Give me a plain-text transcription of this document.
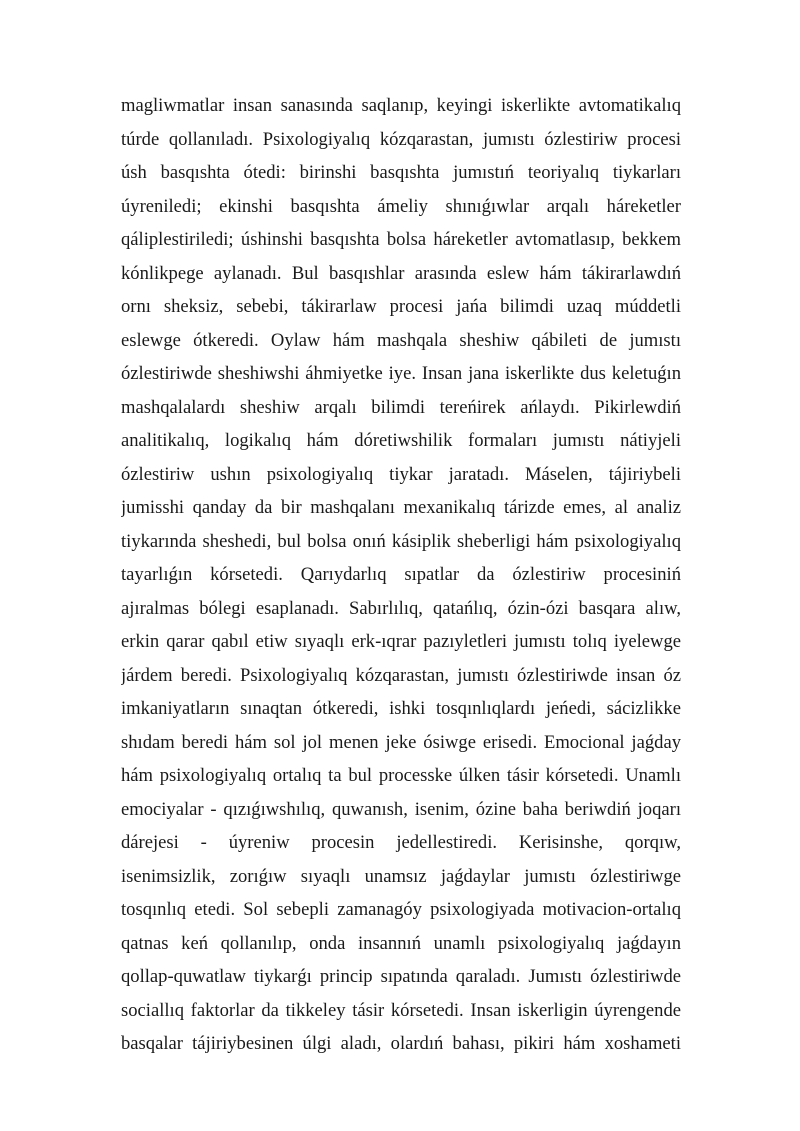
magliwmatlar insan sanasında saqlanıp, keyingi iskerlikte avtomatikalıq
túrde qollanıladı. Psixologiyalıq kózqarastan, jumıstı ózlestiriw procesi
úsh basqıshta ótedi: birinshi basqıshta jumıstıń teoriyalıq tiykarları
úyreniledi; ekinshi basqıshta ámeliy shınıǵıwlar arqalı háreketler
qáliplestiriledi; úshinshi basqıshta bolsa háreketler avtomatlasıp, bekkem
kónlikpege aylanadı. Bul basqıshlar arasında eslew hám tákirarlawdıń
ornı sheksiz, sebebi, tákirarlaw procesi jańa bilimdi uzaq múddetli
eslewge ótkeredi. Oylaw hám mashqala sheshiw qábileti de jumıstı
ózlestiriwde sheshiwshi áhmiyetke iye. Insan jana iskerlikte dus keletuǵın
mashqalalardı sheshiw arqalı bilimdi tereńirek ańlaydı. Pikirlewdiń
analitikalıq, logikalıq hám dóretiwshilik formaları jumıstı nátiyjeli
ózlestiriw ushın psixologiyalıq tiykar jaratadı. Máselen, tájiriybeli
jumisshi qanday da bir mashqalanı mexanikalıq tárizde emes, al analiz
tiykarında sheshedi, bul bolsa onıń kásiplik sheberligi hám psixologiyalıq
tayarlıǵın kórsetedi. Qarıydarlıq sıpatlar da ózlestiriw procesiniń
ajıralmas bólegi esaplanadı. Sabırlılıq, qatańlıq, ózin-ózi basqara alıw,
erkin qarar qabıl etiw sıyaqlı erk-ıqrar pazıyletleri jumıstı tolıq iyelewge
járdem beredi. Psixologiyalıq kózqarastan, jumıstı ózlestiriwde insan óz
imkaniyatların sınaqtan ótkeredi, ishki tosqınlıqlardı jeńedi, sácizlikke
shıdam beredi hám sol jol menen jeke ósiwge erisedi. Emocional jaǵday
hám psixologiyalıq ortalıq ta bul processke úlken tásir kórsetedi. Unamlı
emociyalar - qızıǵıwshılıq, quwanısh, isenim, ózine baha beriwdiń joqarı
dárejesi - úyreniw procesin jedellestiredi. Kerisinshe, qorqıw,
isenimsizlik, zorıǵıw sıyaqlı unamsız jaǵdaylar jumıstı ózlestiriwge
tosqınlıq etedi. Sol sebepli zamanagóy psixologiyada motivacion-ortalıq
qatnas keń qollanılıp, onda insannıń unamlı psixologiyalıq jaǵdayın
qollap-quwatlaw tiykarǵı princip sıpatında qaraladı. Jumıstı ózlestiriwde
sociallıq faktorlar da tikkeley tásir kórsetedi. Insan iskerligin úyrengende
basqalar tájiriybesinen úlgi aladı, olardıń bahası, pikiri hám xoshameti
